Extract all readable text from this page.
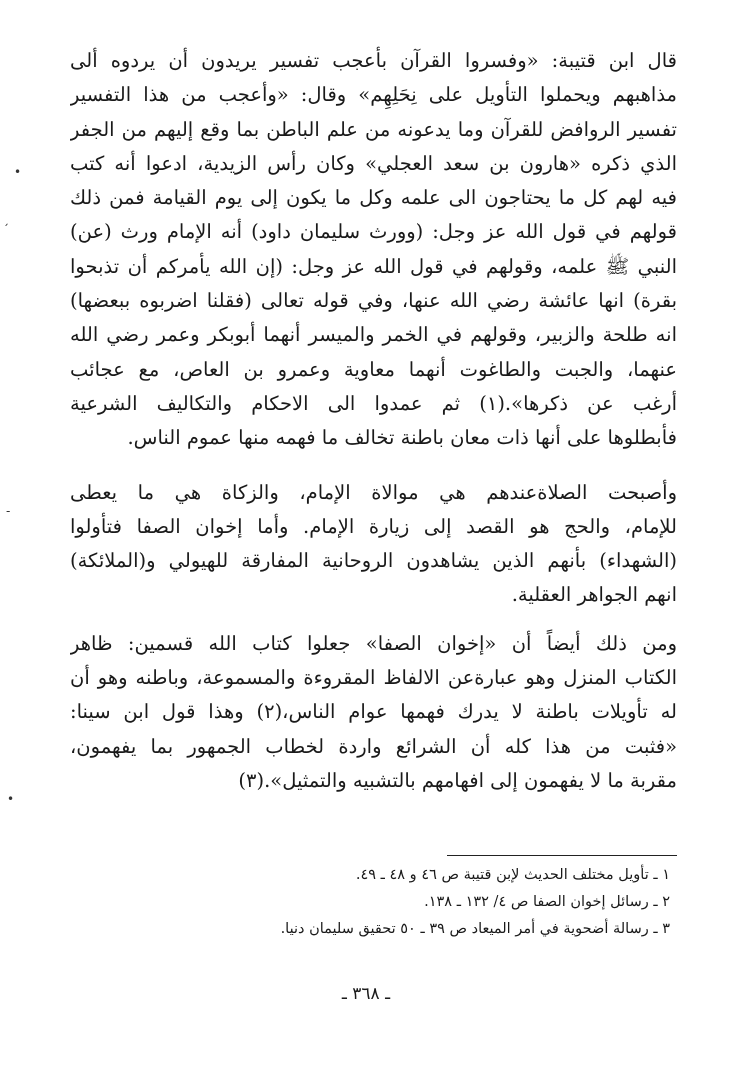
قال ابن قتيبة: «وفسروا القرآن بأعجب تفسير يريدون أن يردوه ألى
مذاهبهم ويحملوا التأويل على نِحَلِهِم» وقال: «وأعجب من هذا التفسير
تفسير الروافض للقرآن وما يدعونه من علم الباطن بما وقع إليهم من الجفر
الذي ذكره «هارون بن سعد العجلي» وكان رأس الزيدية، ادعوا أنه كتب
فيه لهم كل ما يحتاجون الى علمه وكل ما يكون إلى يوم القيامة فمن ذلك
قولهم في قول الله عز وجل: (وورث سليمان داود) أنه الإمام ورث (عن)
النبي ﷺ علمه، وقولهم في قول الله عز وجل: (إن الله يأمركم أن تذبحوا
بقرة) انها عائشة رضي الله عنها، وفي قوله تعالى (فقلنا اضربوه ببعضها)
انه طلحة والزبير، وقولهم في الخمر والميسر أنهما أبوبكر وعمر رضي الله
عنهما، والجبت والطاغوت أنهما معاوية وعمرو بن العاص، مع عجائب
أرغب عن ذكرها».(١) ثم عمدوا الى الاحكام والتكاليف الشرعية
فأبطلوها على أنها ذات معان باطنة تخالف ما فهمه منها عموم الناس.
وأصبحت الصلاةعندهم هي موالاة الإمام، والزكاة هي ما يعطى
للإمام، والحج هو القصد إلى زيارة الإمام. وأما إخوان الصفا فتأولوا
(الشهداء) بأنهم الذين يشاهدون الروحانية المفارقة للهيولي و(الملائكة)
انهم الجواهر العقلية.
ومن ذلك أيضاً أن «إخوان الصفا» جعلوا كتاب الله قسمين: ظاهر
الكتاب المنزل وهو عبارةعن الالفاظ المقروءة والمسموعة، وباطنه وهو أن
له تأويلات باطنة لا يدرك فهمها عوام الناس،(٢) وهذا قول ابن سينا:
«فثبت من هذا كله أن الشرائع واردة لخطاب الجمهور بما يفهمون،
مقربة ما لا يفهمون إلى افهامهم بالتشبيه والتمثيل».(٣)
١ ـ تأويل مختلف الحديث لإبن قتيبة ص ٤٦ و ٤٨ ـ ٤٩.
٢ ـ رسائل إخوان الصفا ص ٤/ ١٣٢ ـ ١٣٨.
٣ ـ رسالة أضحوية في أمر الميعاد ص ٣٩ ـ ٥٠ تحقيق سليمان دنيا.
ـ ٣٦٨ ـ
•
ˏ
-
•
